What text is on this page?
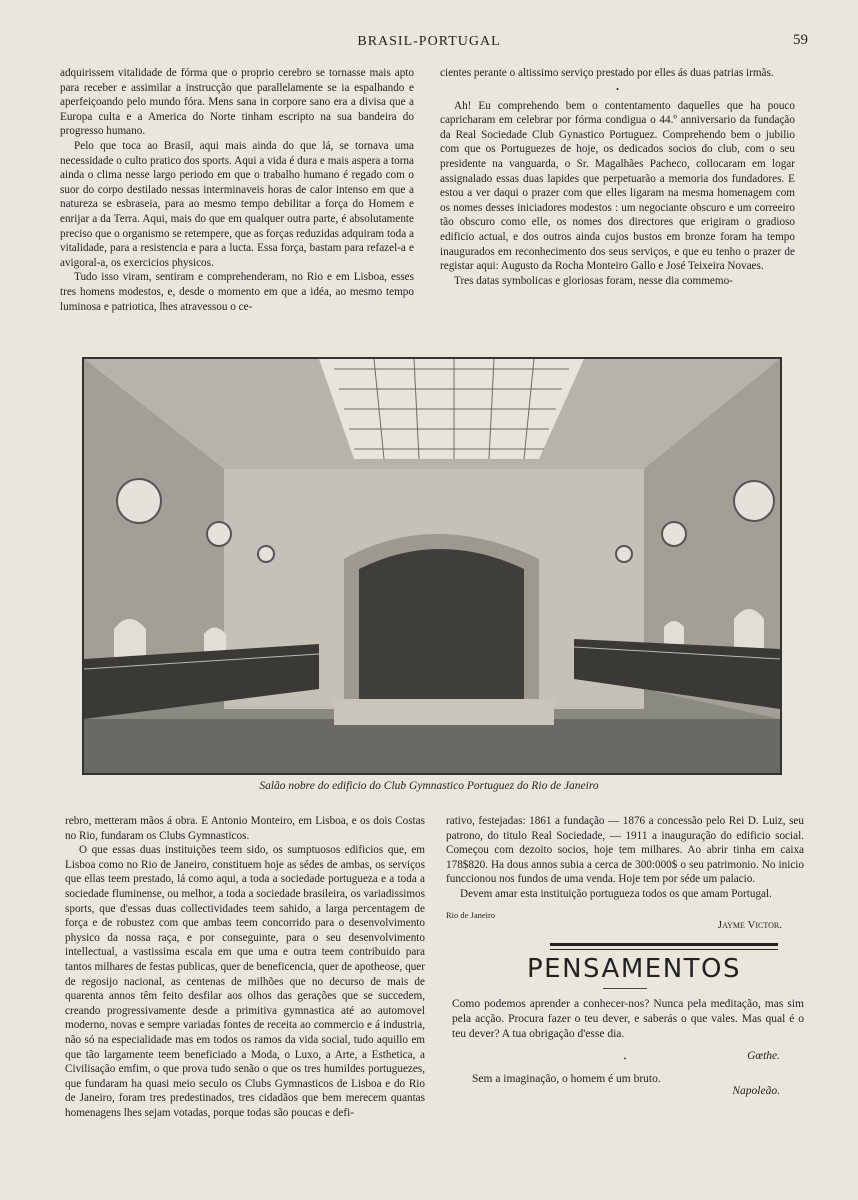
BRASIL-PORTUGAL	59

adquirissem vitalidade de fórma que o proprio cerebro se tornasse mais apto para receber e assimilar a instrucção que parallelamente se ia espalhando e aperfeiçoando pelo mundo fóra. Mens sana in corpore sano era a divisa que a Europa culta e a America do Norte tinham escripto na sua bandeira do progresso humano.

Pelo que toca ao Brasil, aqui mais ainda do que lá, se tornava uma necessidade o culto pratico dos sports. Aqui a vida é dura e mais aspera a torna ainda o clima nesse largo periodo em que o trabalho humano é regado com o suor do corpo destilado nessas interminaveis horas de calor intenso em que a natureza se esbraseia, para ao mesmo tempo debilitar a força do Homem e enrijar a da Terra. Aqui, mais do que em qualquer outra parte, é absolutamente preciso que o organismo se retempere, que as forças reduzidas adquiram toda a vitalidade, para a resistencia e para a lucta. Essa força, bastam para refazel-a e avigoral-a, os exercicios physicos.

Tudo isso viram, sentiram e comprehenderam, no Rio e em Lisboa, esses tres homens modestos, e, desde o momento em que a idéa, ao mesmo tempo luminosa e patriotica, lhes atravessou o ce-

cientes perante o altissimo serviço prestado por elles ás duas patrias irmãs.

•

Ah! Eu comprehendo bem o contentamento daquelles que ha pouco capricharam em celebrar por fórma condigua o 44.º anniversario da fundação da Real Sociedade Club Gynastico Portuguez. Comprehendo bem o jubilio com que os Portuguezes de hoje, os dedicados socios do club, com o seu presidente na vanguarda, o Sr. Magalhães Pacheco, collocaram em logar assignalado essas duas lapides que perpetuarão a memoria dos fundadores. E estou a ver daqui o prazer com que elles ligaram na mesma homenagem com os nomes desses iniciadores modestos : um negociante obscuro e um correeiro tão obscuro como elle, os nomes dos directores que erigiram o gradioso edificio actual, e dos outros ainda cujos bustos em bronze foram ha tempo inaugurados em reconhecimento dos seus serviços, e que eu tenho o prazer de registar aqui: Augusto da Rocha Monteiro Gallo e José Teixeira Novaes.

Tres datas symbolicas e gloriosas foram, nesse dia commemo-

Salão nobre do edificio do Club Gymnastico Portuguez do Rio de Janeiro

rebro, metteram mãos á obra. E Antonio Monteiro, em Lisboa, e os dois Costas no Rio, fundaram os Clubs Gymnasticos.

O que essas duas instituições teem sido, os sumptuosos edificios que, em Lisboa como no Rio de Janeiro, constituem hoje as sédes de ambas, os serviços que ellas teem prestado, lá como aqui, a toda a sociedade portugueza e a toda a sociedade fluminense, ou melhor, a toda a sociedade brasileira, os variadissimos sports, que d'essas duas collectividades teem sahido, a larga percentagem de força e de robustez com que ambas teem concorrido para o desenvolvimento physico da nossa raça, e por conseguinte, para o seu desenvolvimento intellectual, a vastissima escala em que uma e outra teem contribuido para tantos milhares de festas publicas, quer de beneficencia, quer de apotheose, quer de regosijo nacional, as centenas de milhões que no decurso de mais de quarenta annos têm feito desfilar aos olhos das gerações que se succedem, creando progressivamente desde a primitiva gymnastica até ao automovel moderno, novas e sempre variadas fontes de receita ao commercio e á industria, não só na especialidade mas em todos os ramos da vida social, tudo aquillo em que tão largamente teem beneficiado a Moda, o Luxo, a Arte, a Esthetica, a Civilisação emfim, o que prova tudo senão o que os tres humildes portuguezes, que fundaram ha quasi meio seculo os Clubs Gymnasticos de Lisboa e do Rio de Janeiro, foram tres predestinados, tres cidadãos que bem merecem quantas homenagens lhes sejam votadas, porque todas são poucas e defi-

rativo, festejadas: 1861 a fundação — 1876 a concessão pelo Rei D. Luiz, seu patrono, do titulo Real Sociedade, — 1911 a inauguração do edificio social. Começou com dezoito socios, hoje tem milhares. Ao abrir tinha em caixa 178$820. Ha dous annos subia a cerca de 300:000$ o seu patrimonio. No inicio funccionou nos fundos de uma venda. Hoje tem por séde um palacio.

Devem amar esta instituição portugueza todos os que amam Portugal.

Rio de Janeiro
Jayme Victor.
PENSAMENTOS
Como podemos aprender a conhecer-nos? Nunca pela meditação, mas sim pela acção. Procura fazer o teu dever, e saberás o que vales. Mas qual é o teu dever? A tua obrigação d'esse dia.
Gœthe.
•
Sem a imaginação, o homem é um bruto.
Napoleão.
